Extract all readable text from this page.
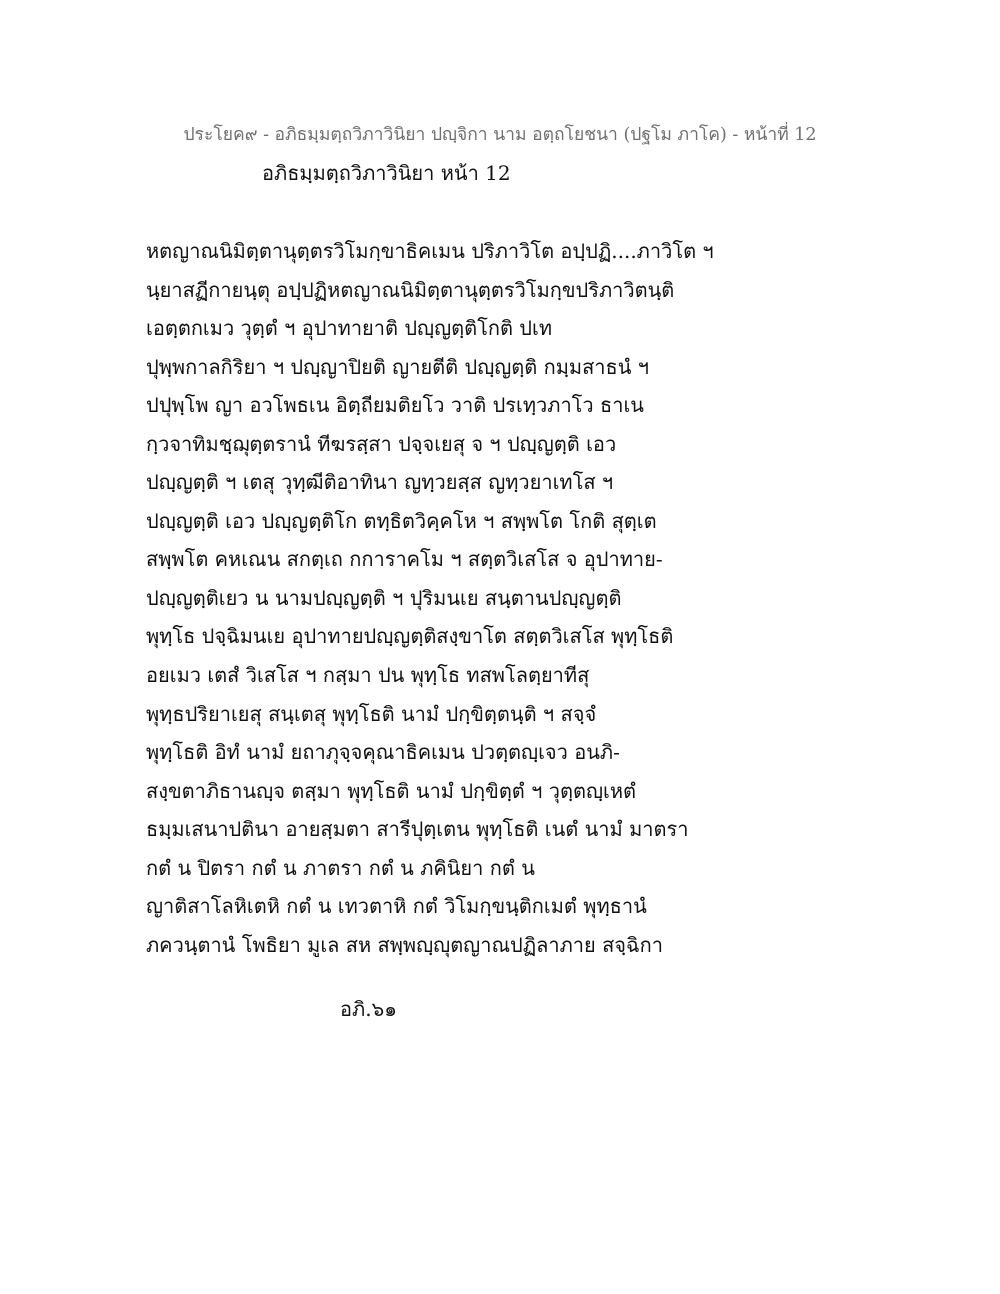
ประโยค๙ - อภิธมฺมตฺถวิภาวินิยา ปญฺจิกา นาม อตฺถโยชนา (ปฐโม ภาโค) - หน้าที่ 12
อภิธมฺมตฺถวิภาวินิยา หน้า 12
หตญาณนิมิตฺตานุตฺตรวิโมกฺขาธิคเมน ปริภาวิโต อปฺปฏิ....ภาวิโต ฯ
นฺยาสฏีกายนฺตุ อปฺปฏิหตญาณนิมิตฺตานุตฺตรวิโมกฺขปริภาวิตนฺติ
เอตฺตกเมว วุตฺตํ ฯ อุปาทายาติ ปญฺญตฺติโกติ ปเท
ปุพฺพกาลกิริยา ฯ ปญฺญาปิยติ ญายตีติ ปญฺญตฺติ กมฺมสาธนํ ฯ
ปปุพฺโพ ญา อวโพธเน อิตฺถียมติยโว วาติ ปรเทฺวภาโว ธาเน
กฺวจาทิมชฺฌุตฺตรานํ ทีฆรสฺสา ปจฺจเยสุ จ ฯ ปญฺญตฺติ เอว
ปญฺญตฺติ ฯ เตสุ วุทฺฒีติอาทินา ญทฺวยสฺส ญทฺวยาเทโส ฯ
ปญฺญตฺติ เอว ปญฺญตฺติโก ตทฺธิตวิคฺคโห ฯ สพฺพโต โกติ สุตฺเต
สพฺพโต คหเณน สกตฺเถ กการาคโม ฯ สตฺตวิเสโส จ อุปาทาย-
ปญฺญตฺติเยว น นามปญฺญตฺติ ฯ ปุริมนเย สนฺตานปญฺญตฺติ
พุทฺโธ ปจฺฉิมนเย อุปาทายปญฺญตฺติสงฺขาโต สตฺตวิเสโส พุทฺโธติ
อยเมว เตสํ วิเสโส ฯ กสฺมา ปน พุทฺโธ ทสพโลตฺยาทีสุ
พุทฺธปริยาเยสุ สนฺเตสุ พุทฺโธติ นามํ ปกฺขิตฺตนฺติ ฯ สจฺจํ
พุทฺโธติ อิทํ นามํ ยถาภุจฺจคุณาธิคเมน ปวตฺตญฺเจว อนภิ-
สงฺขตาภิธานญฺจ ตสฺมา พุทฺโธติ นามํ ปกฺขิตฺตํ ฯ วุตฺตญฺเหตํ
ธมฺมเสนาปตินา อายสฺมตา สารีปุตฺเตน พุทฺโธติ เนตํ นามํ มาตรา
กตํ น ปิตรา กตํ น ภาตรา กตํ น ภคินิยา กตํ น
ญาติสาโลหิเตหิ กตํ น เทวตาหิ กตํ วิโมกฺขนฺติกเมตํ พุทฺธานํ
ภควนฺตานํ โพธิยา มูเล สห สพฺพญฺญุตญาณปฏิลาภาย สจฺฉิกา
อภิ.๖๑
